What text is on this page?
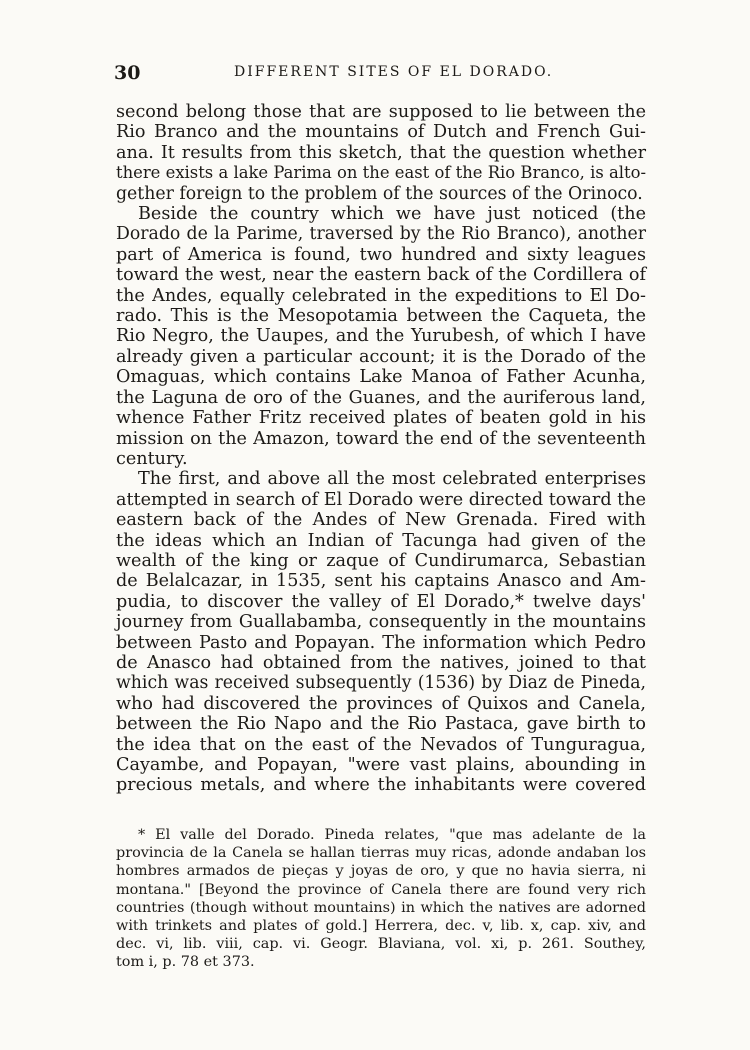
30	DIFFERENT SITES OF EL DORADO.

second belong those that are supposed to lie between the
Rio Branco and the mountains of Dutch and French Gui-
ana. It results from this sketch, that the question whether
there exists a lake Parima on the east of the Rio Branco, is alto-
gether foreign to the problem of the sources of the Orinoco.

Beside the country which we have just noticed (the
Dorado de la Parime, traversed by the Rio Branco), another
part of America is found, two hundred and sixty leagues
toward the west, near the eastern back of the Cordillera of
the Andes, equally celebrated in the expeditions to El Do-
rado. This is the Mesopotamia between the Caqueta, the
Rio Negro, the Uaupes, and the Yurubesh, of which I have
already given a particular account; it is the Dorado of the
Omaguas, which contains Lake Manoa of Father Acunha,
the Laguna de oro of the Guanes, and the auriferous land,
whence Father Fritz received plates of beaten gold in his
mission on the Amazon, toward the end of the seventeenth
century.

The first, and above all the most celebrated enterprises
attempted in search of El Dorado were directed toward the
eastern back of the Andes of New Grenada. Fired with
the ideas which an Indian of Tacunga had given of the
wealth of the king or zaque of Cundirumarca, Sebastian
de Belalcazar, in 1535, sent his captains Anasco and Am-
pudia, to discover the valley of El Dorado,* twelve days'
journey from Guallabamba, consequently in the mountains
between Pasto and Popayan. The information which Pedro
de Anasco had obtained from the natives, joined to that
which was received subsequently (1536) by Diaz de Pineda,
who had discovered the provinces of Quixos and Canela,
between the Rio Napo and the Rio Pastaca, gave birth to
the idea that on the east of the Nevados of Tunguragua,
Cayambe, and Popayan, "were vast plains, abounding in
precious metals, and where the inhabitants were covered

* El valle del Dorado. Pineda relates, "que mas adelante de la
provincia de la Canela se hallan tierras muy ricas, adonde andaban los
hombres armados de pieças y joyas de oro, y que no havia sierra, ni
montana." [Beyond the province of Canela there are found very rich
countries (though without mountains) in which the natives are adorned
with trinkets and plates of gold.] Herrera, dec. v, lib. x, cap. xiv, and
dec. vi, lib. viii, cap. vi. Geogr. Blaviana, vol. xi, p. 261. Southey,
tom i, p. 78 et 373.
